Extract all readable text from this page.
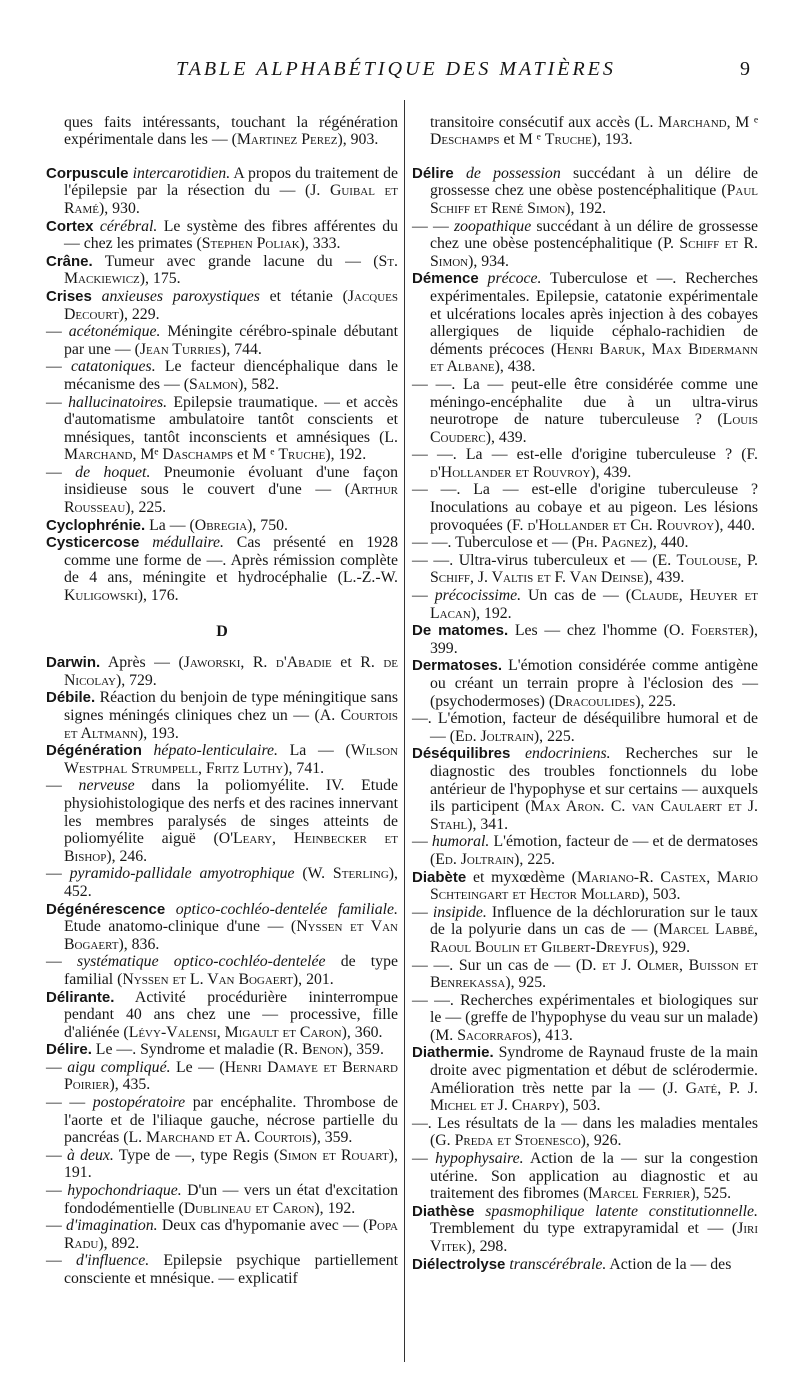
TABLE ALPHABÉTIQUE DES MATIÈRES	9

ques faits intéressants, touchant la régénération expérimentale dans les — (Martinez Perez), 903.

Corpuscule intercarotidien. A propos du traitement de l'épilepsie par la résection du — (J. Guibal et Ramé), 930.

Cortex cérébral. Le système des fibres afférentes du — chez les primates (Stephen Poliak), 333.

Crâne. Tumeur avec grande lacune du — (St. Mackiewicz), 175.

Crises anxieuses paroxystiques et tétanie (Jacques Decourt), 229.

— acétonémique. Méningite cérébro-spinale débutant par une — (Jean Turries), 744.

— catatoniques. Le facteur diencéphalique dans le mécanisme des — (Salmon), 582.

— hallucinatoires. Epilepsie traumatique. — et accès d'automatisme ambulatoire tantôt conscients et mnésiques, tantôt inconscients et amnésiques (L. Marchand, Mᵉ Daschamps et M ᵉ Truche), 192.

— de hoquet. Pneumonie évoluant d'une façon insidieuse sous le couvert d'une — (Arthur Rousseau), 225.

Cyclophrénie. La — (Obregia), 750.

Cysticercose médullaire. Cas présenté en 1928 comme une forme de —. Après rémission complète de 4 ans, méningite et hydrocéphalie (L.-Z.-W. Kuligowski), 176.

D

Darwin. Après — (Jaworski, R. d'Abadie et R. de Nicolay), 729.

Débile. Réaction du benjoin de type méningitique sans signes méningés cliniques chez un — (A. Courtois et Altmann), 193.

Dégénération hépato-lenticulaire. La — (Wilson Westphal Strumpell, Fritz Luthy), 741.

— nerveuse dans la poliomyélite. IV. Etude physiohistologique des nerfs et des racines innervant les membres paralysés de singes atteints de poliomyélite aiguë (O'Leary, Heinbecker et Bishop), 246.

— pyramido-pallidale amyotrophique (W. Sterling), 452.

Dégénérescence optico-cochléo-dentelée familiale. Etude anatomo-clinique d'une — (Nyssen et Van Bogaert), 836.

— systématique optico-cochléo-dentelée de type familial (Nyssen et L. Van Bogaert), 201.

Délirante. Activité procédurière ininterrompue pendant 40 ans chez une — processive, fille d'aliénée (Lévy-Valensi, Migault et Caron), 360.

Délire. Le —. Syndrome et maladie (R. Benon), 359.

— aigu compliqué. Le — (Henri Damaye et Bernard Poirier), 435.

— — postopératoire par encéphalite. Thrombose de l'aorte et de l'iliaque gauche, nécrose partielle du pancréas (L. Marchand et A. Courtois), 359.

— à deux. Type de —, type Regis (Simon et Rouart), 191.

— hypochondriaque. D'un — vers un état d'excitation fondodémentielle (Dublineau et Caron), 192.

— d'imagination. Deux cas d'hypomanie avec — (Popa Radu), 892.

— d'influence. Epilepsie psychique partiellement consciente et mnésique. — explicatif

transitoire consécutif aux accès (L. Marchand, M ᵉ Deschamps et M ᵉ Truche), 193.

Délire de possession succédant à un délire de grossesse chez une obèse postencéphalitique (Paul Schiff et René Simon), 192.

— — zoopathique succédant à un délire de grossesse chez une obèse postencéphalitique (P. Schiff et R. Simon), 934.

Démence précoce. Tuberculose et —. Recherches expérimentales. Epilepsie, catatonie expérimentale et ulcérations locales après injection à des cobayes allergiques de liquide céphalo-rachidien de déments précoces (Henri Baruk, Max Bidermann et Albane), 438.

— —. La — peut-elle être considérée comme une méningo-encéphalite due à un ultra-virus neurotrope de nature tuberculeuse ? (Louis Couderc), 439.

— —. La — est-elle d'origine tuberculeuse ? (F. d'Hollander et Rouvroy), 439.

— —. La — est-elle d'origine tuberculeuse ? Inoculations au cobaye et au pigeon. Les lésions provoquées (F. d'Hollander et Ch. Rouvroy), 440.

— —. Tuberculose et — (Ph. Pagnez), 440.

— —. Ultra-virus tuberculeux et — (E. Toulouse, P. Schiff, J. Valtis et F. Van Deinse), 439.

— précocissime. Un cas de — (Claude, Heuyer et Lacan), 192.

De matomes. Les — chez l'homme (O. Foerster), 399.

Dermatoses. L'émotion considérée comme antigène ou créant un terrain propre à l'éclosion des — (psychodermoses) (Dracoulides), 225.

—. L'émotion, facteur de déséquilibre humoral et de — (Ed. Joltrain), 225.

Déséquilibres endocriniens. Recherches sur le diagnostic des troubles fonctionnels du lobe antérieur de l'hypophyse et sur certains — auxquels ils participent (Max Aron. C. van Caulaert et J. Stahl), 341.

— humoral. L'émotion, facteur de — et de dermatoses (Ed. Joltrain), 225.

Diabète et myxœdème (Mariano-R. Castex, Mario Schteingart et Hector Mollard), 503.

— insipide. Influence de la déchloruration sur le taux de la polyurie dans un cas de — (Marcel Labbé, Raoul Boulin et Gilbert-Dreyfus), 929.

— —. Sur un cas de — (D. et J. Olmer, Buisson et Benrekassa), 925.

— —. Recherches expérimentales et biologiques sur le — (greffe de l'hypophyse du veau sur un malade) (M. Sacorrafos), 413.

Diathermie. Syndrome de Raynaud fruste de la main droite avec pigmentation et début de sclérodermie. Amélioration très nette par la — (J. Gaté, P. J. Michel et J. Charpy), 503.

—. Les résultats de la — dans les maladies mentales (G. Preda et Stoenesco), 926.

— hypophysaire. Action de la — sur la congestion utérine. Son application au diagnostic et au traitement des fibromes (Marcel Ferrier), 525.

Diathèse spasmophilique latente constitutionnelle. Tremblement du type extrapyramidal et — (Jiri Vitek), 298.

Diélectrolyse transcérébrale. Action de la — des
